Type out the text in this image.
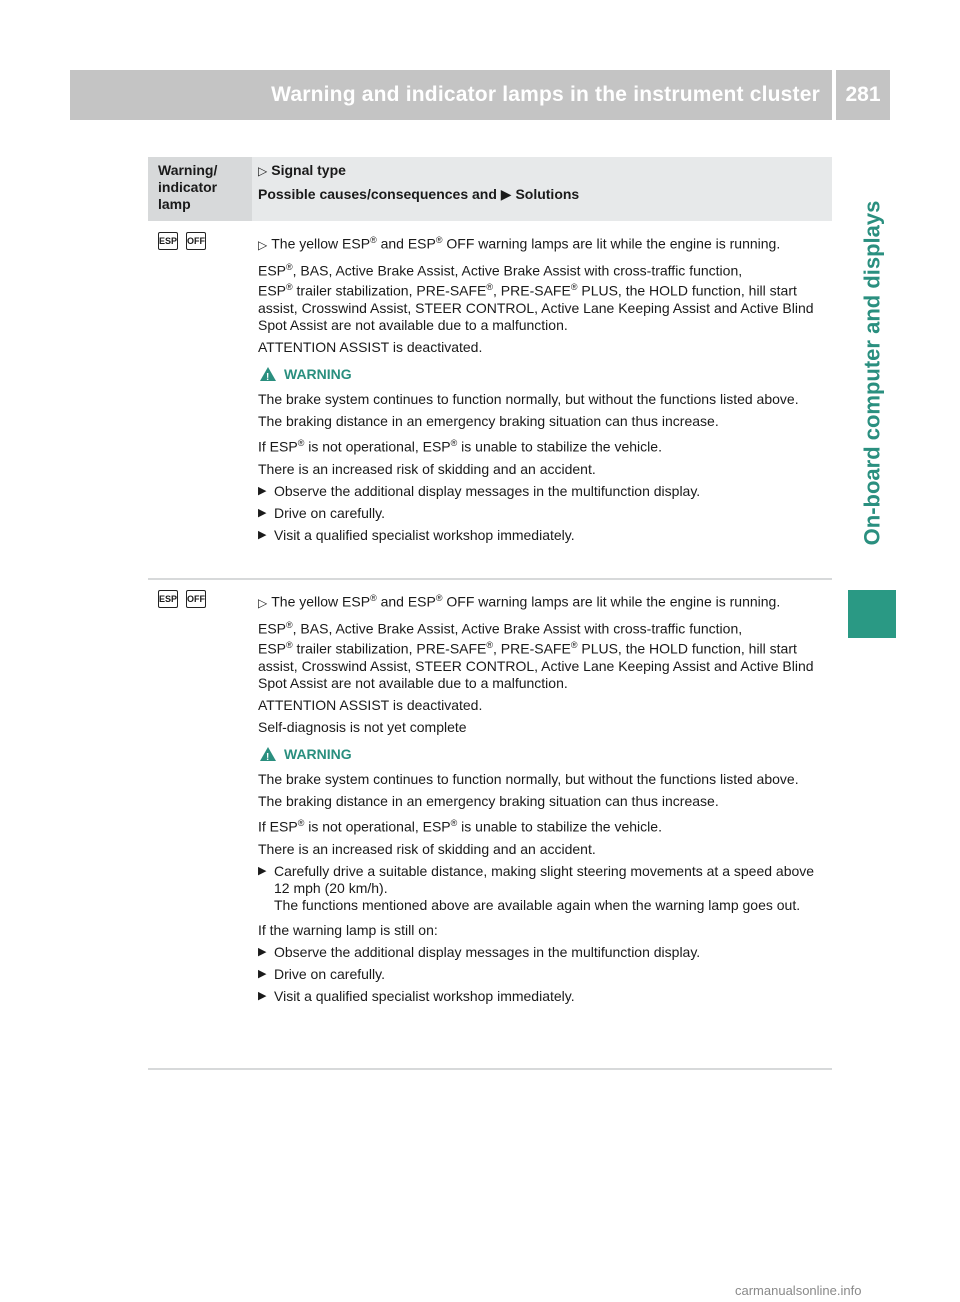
Warning and indicator lamps in the instrument cluster	281
On-board computer and displays
Warning/
indicator
lamp
▷ Signal type
Possible causes/consequences and ▶ Solutions
ESP OFF	▷ The yellow ESP® and ESP® OFF warning lamps are lit while the engine is running.

ESP®, BAS, Active Brake Assist, Active Brake Assist with cross-traffic function,
ESP® trailer stabilization, PRE-SAFE®, PRE-SAFE® PLUS, the HOLD function, hill start assist, Crosswind Assist, STEER CONTROL, Active Lane Keeping Assist and Active Blind Spot Assist are not available due to a malfunction.

ATTENTION ASSIST is deactivated.

!
WARNING

The brake system continues to function normally, but without the functions listed above.

The braking distance in an emergency braking situation can thus increase.

If ESP® is not operational, ESP® is unable to stabilize the vehicle.

There is an increased risk of skidding and an accident.

▶ Observe the additional display messages in the multifunction display.
▶ Drive on carefully.
▶ Visit a qualified specialist workshop immediately.
ESP OFF	▷ The yellow ESP® and ESP® OFF warning lamps are lit while the engine is running.

ESP®, BAS, Active Brake Assist, Active Brake Assist with cross-traffic function,
ESP® trailer stabilization, PRE-SAFE®, PRE-SAFE® PLUS, the HOLD function, hill start assist, Crosswind Assist, STEER CONTROL, Active Lane Keeping Assist and Active Blind Spot Assist are not available due to a malfunction.

ATTENTION ASSIST is deactivated.

Self-diagnosis is not yet complete

!
WARNING

The brake system continues to function normally, but without the functions listed above.

The braking distance in an emergency braking situation can thus increase.

If ESP® is not operational, ESP® is unable to stabilize the vehicle.

There is an increased risk of skidding and an accident.

▶ Carefully drive a suitable distance, making slight steering movements at a speed above 12 mph (20 km/h).
The functions mentioned above are available again when the warning lamp goes out.

If the warning lamp is still on:

▶ Observe the additional display messages in the multifunction display.
▶ Drive on carefully.
▶ Visit a qualified specialist workshop immediately.
carmanualsonline.info
